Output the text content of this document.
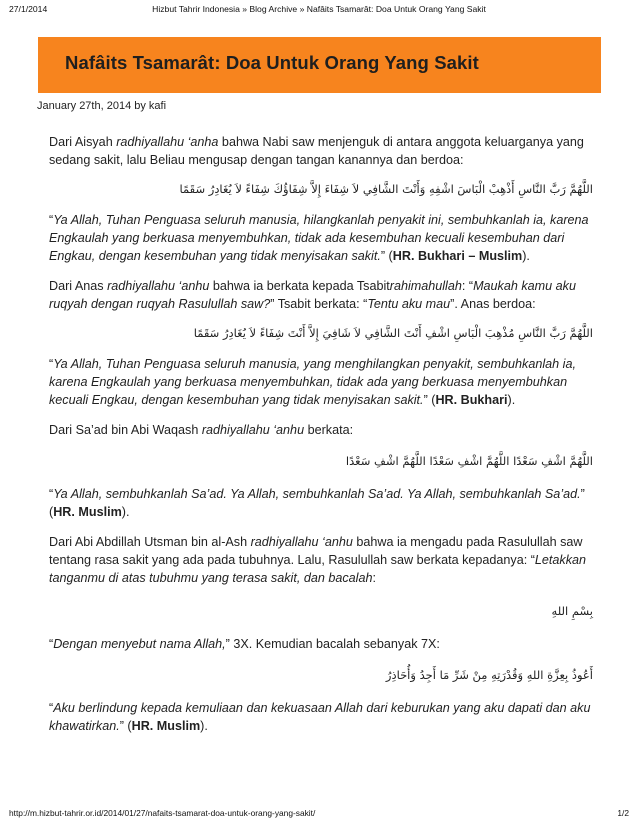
27/1/2014	Hizbut Tahrir Indonesia » Blog Archive » Nafâits Tsamarât: Doa Untuk Orang Yang Sakit
Nafâits Tsamarât: Doa Untuk Orang Yang Sakit
January 27th, 2014 by kafi

Dari Aisyah radhiyallahu ‘anha bahwa Nabi saw menjenguk di antara anggota keluarganya yang sedang sakit, lalu Beliau mengusap dengan tangan kanannya dan berdoa:

اللَّهُمَّ رَبَّ النَّاسِ أَذْهِبْ الْبَاسَ اشْفِهِ وَأَنْتَ الشَّافِي لاَ شِفَاءَ إِلاَّ شِفَاؤُكَ شِفَاءً لاَ يُغَادِرُ سَقَمًا

“Ya Allah, Tuhan Penguasa seluruh manusia, hilangkanlah penyakit ini, sembuhkanlah ia, karena Engkaulah yang berkuasa menyembuhkan, tidak ada kesembuhan kecuali kesembuhan dari Engkau, dengan kesembuhan yang tidak menyisakan sakit.” (HR. Bukhari – Muslim).

Dari Anas radhiyallahu ‘anhu bahwa ia berkata kepada Tsabitrahimahullah: “Maukah kamu aku ruqyah dengan ruqyah Rasulullah saw?” Tsabit berkata: “Tentu aku mau”. Anas berdoa:

اللَّهُمَّ رَبَّ النَّاسِ مُذْهِبَ الْبَاسِ اشْفِ أَنْتَ الشَّافِي لاَ شَافِيَ إِلاَّ أَنْتَ شِفَاءً لاَ يُغَادِرُ سَقَمًا

“Ya Allah, Tuhan Penguasa seluruh manusia, yang menghilangkan penyakit, sembuhkanlah ia, karena Engkaulah yang berkuasa menyembuhkan, tidak ada yang berkuasa menyembuhkan kecuali Engkau, dengan kesembuhan yang tidak menyisakan sakit.” (HR. Bukhari).

Dari Sa’ad bin Abi Waqash radhiyallahu ‘anhu berkata:

اللَّهُمَّ اشْفِ سَعْدًا اللَّهُمَّ اشْفِ سَعْدًا اللَّهُمَّ اشْفِ سَعْدًا

“Ya Allah, sembuhkanlah Sa’ad. Ya Allah, sembuhkanlah Sa’ad. Ya Allah, sembuhkanlah Sa’ad.” (HR. Muslim).

Dari Abi Abdillah Utsman bin al-Ash radhiyallahu ‘anhu bahwa ia mengadu pada Rasulullah saw tentang rasa sakit yang ada pada tubuhnya. Lalu, Rasulullah saw berkata kepadanya: “Letakkan tanganmu di atas tubuhmu yang terasa sakit, dan bacalah:

بِسْمِ اللهِ

“Dengan menyebut nama Allah,” 3X. Kemudian bacalah sebanyak 7X:

أَعُوذُ بِعِزَّةِ اللهِ وَقُدْرَتِهِ مِنْ شَرِّ مَا أَجِدُ وَأُحَاذِرُ

“Aku berlindung kepada kemuliaan dan kekuasaan Allah dari keburukan yang aku dapati dan aku khawatirkan.” (HR. Muslim).

http://m.hizbut-tahrir.or.id/2014/01/27/nafaits-tsamarat-doa-untuk-orang-yang-sakit/	1/2
